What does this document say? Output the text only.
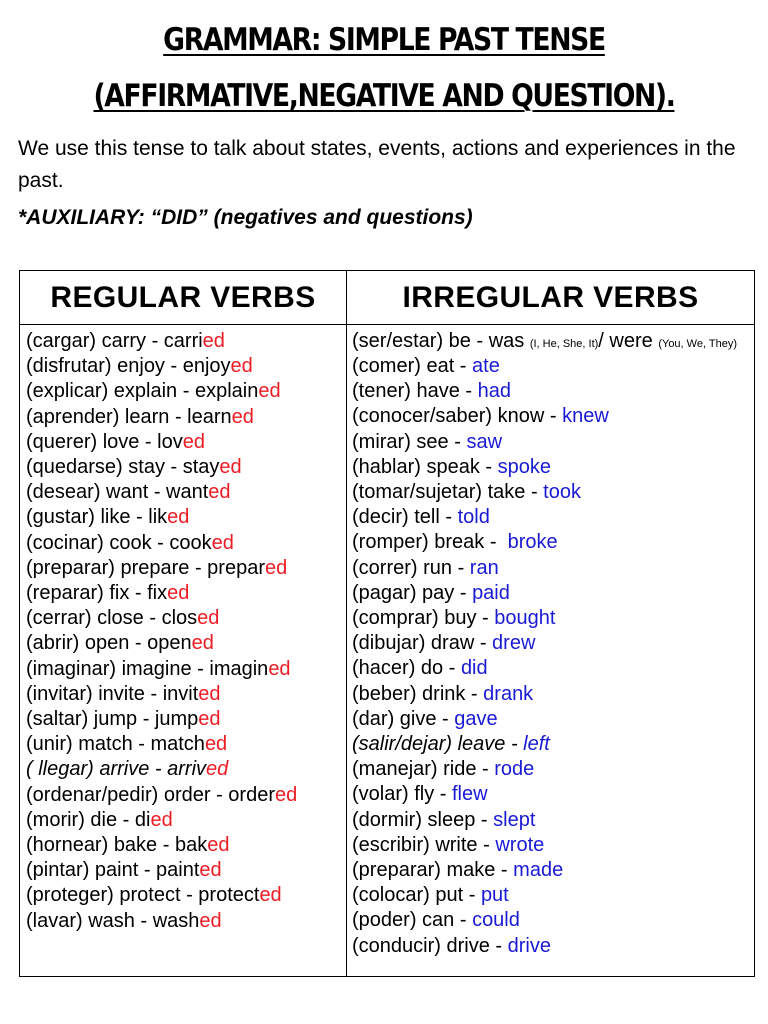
GRAMMAR: SIMPLE PAST TENSE
(AFFIRMATIVE,NEGATIVE AND QUESTION).

We use this tense to talk about states, events, actions and experiences in the past.

*AUXILIARY: “DID” (negatives and questions)

REGULAR VERBS	IRREGULAR VERBS
(cargar) carry - carried
(disfrutar) enjoy - enjoyed
(explicar) explain - explained
(aprender) learn - learned
(querer) love - loved
(quedarse) stay - stayed
(desear) want - wanted
(gustar) like - liked
(cocinar) cook - cooked
(preparar) prepare - prepared
(reparar) fix - fixed
(cerrar) close - closed
(abrir) open - opened
(imaginar) imagine - imagined
(invitar) invite - invited
(saltar) jump - jumped
(unir) match - matched
( llegar) arrive - arrived
(ordenar/pedir) order - ordered
(morir) die - died
(hornear) bake - baked
(pintar) paint - painted
(proteger) protect - protected
(lavar) wash - washed
(ser/estar) be - was (I, He, She, It)/ were (You, We, They)
(comer) eat - ate
(tener) have - had
(conocer/saber) know - knew
(mirar) see - saw
(hablar) speak - spoke
(tomar/sujetar) take - took
(decir) tell - told
(romper) break -  broke
(correr) run - ran
(pagar) pay - paid
(comprar) buy - bought
(dibujar) draw - drew
(hacer) do - did
(beber) drink - drank
(dar) give - gave
(salir/dejar) leave - left
(manejar) ride - rode
(volar) fly - flew
(dormir) sleep - slept
(escribir) write - wrote
(preparar) make - made
(colocar) put - put
(poder) can - could
(conducir) drive - drive
